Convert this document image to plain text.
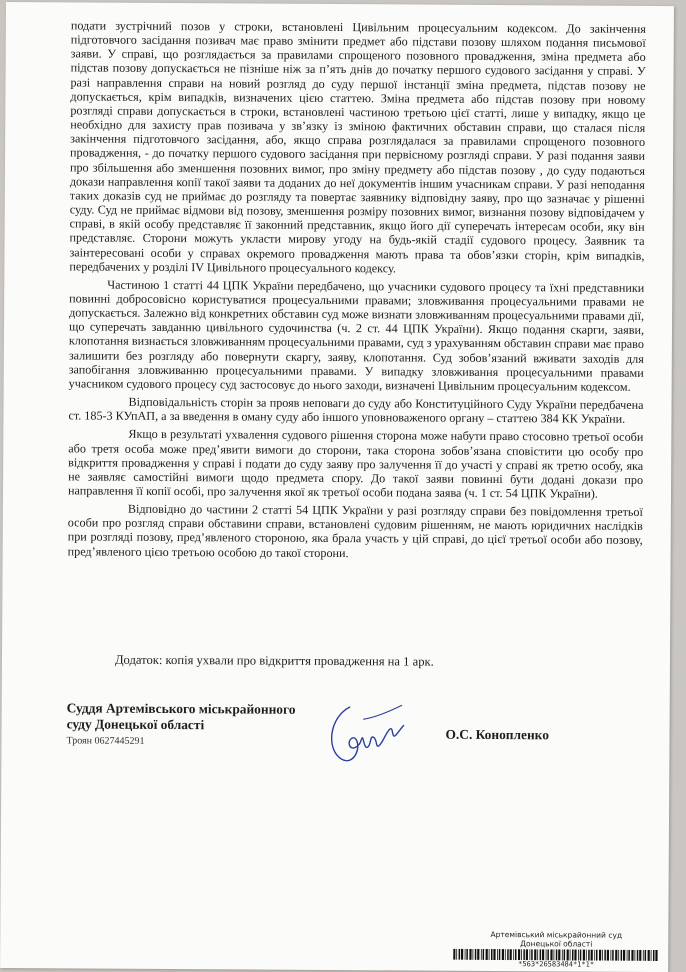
подати зустрічний позов у строки, встановлені Цивільним процесуальним кодексом. До закінчення підготовчого засідання позивач має право змінити предмет або підстави позову шляхом подання письмової заяви. У справі, що розглядається за правилами спрощеного позовного провадження, зміна предмета або підстав позову допускається не пізніше ніж за п’ять днів до початку першого судового засідання у справі. У разі направлення справи на новий розгляд до суду першої інстанції зміна предмета, підстав позову не допускається, крім випадків, визначених цією статтею. Зміна предмета або підстав позову при новому розгляді справи допускається в строки, встановлені частиною третьою цієї статті, лише у випадку, якщо це необхідно для захисту прав позивача у зв’язку із зміною фактичних обставин справи, що сталася після закінчення підготовчого засідання, або, якщо справа розглядалася за правилами спрощеного позовного провадження, - до початку першого судового засідання при первісному розгляді справи. У разі подання заяви про збільшення або зменшення позовних вимог, про зміну предмету або підстав позову , до суду подаються докази направлення копії такої заяви та доданих до неї документів іншим учасникам справи. У разі неподання таких доказів суд не приймає до розгляду та повертає заявнику відповідну заяву, про що зазначає у рішенні суду. Суд не приймає відмови від позову, зменшення розміру позовних вимог, визнання позову відповідачем у справі, в якій особу представляє її законний представник, якщо його дії суперечать інтересам особи, яку він представляє. Сторони можуть укласти мирову угоду на будь-якій стадії судового процесу. Заявник та заінтересовані особи у справах окремого провадження мають права та обов’язки сторін, крім випадків, передбачених у розділі IV Цивільного процесуального кодексу.

Частиною 1 статті 44 ЦПК України передбачено, що учасники судового процесу та їхні представники повинні добросовісно користуватися процесуальними правами; зловживання процесуальними правами не допускається. Залежно від конкретних обставин суд може визнати зловживанням процесуальними правами дії, що суперечать завданню цивільного судочинства (ч. 2 ст. 44 ЦПК України). Якщо подання скарги, заяви, клопотання визнається зловживанням процесуальними правами, суд з урахуванням обставин справи має право залишити без розгляду або повернути скаргу, заяву, клопотання. Суд зобов’язаний вживати заходів для запобігання зловживанню процесуальними правами. У випадку зловживання процесуальними правами учасником судового процесу суд застосовує до нього заходи, визначені Цивільним процесуальним кодексом.

Відповідальність сторін за прояв неповаги до суду або Конституційного Суду України передбачена ст. 185-3 КУпАП, а за введення в оману суду або іншого уповноваженого органу – статтею 384 КК України.

Якщо в результаті ухвалення судового рішення сторона може набути право стосовно третьої особи або третя особа може пред’явити вимоги до сторони, така сторона зобов’язана сповістити цю особу про відкриття провадження у справі і подати до суду заяву про залучення її до участі у справі як третю особу, яка не заявляє самостійні вимоги щодо предмета спору. До такої заяви повинні бути додані докази про направлення її копії особі, про залучення якої як третьої особи подана заява (ч. 1 ст. 54 ЦПК України).

Відповідно до частини 2 статті 54 ЦПК України у разі розгляду справи без повідомлення третьої особи про розгляд справи обставини справи, встановлені судовим рішенням, не мають юридичних наслідків при розгляді позову, пред’явленого стороною, яка брала участь у цій справі, до цієї третьої особи або позову, пред’явленого цією третьою особою до такої сторони.

Додаток: копія ухвали про відкриття провадження на 1 арк.
Суддя Артемівського міськрайонного
суду Донецької області
Троян 0627445291	О.С. Конопленко
Артемівський міськрайонний суд
Донецької області
*563*26583484*1*1*
